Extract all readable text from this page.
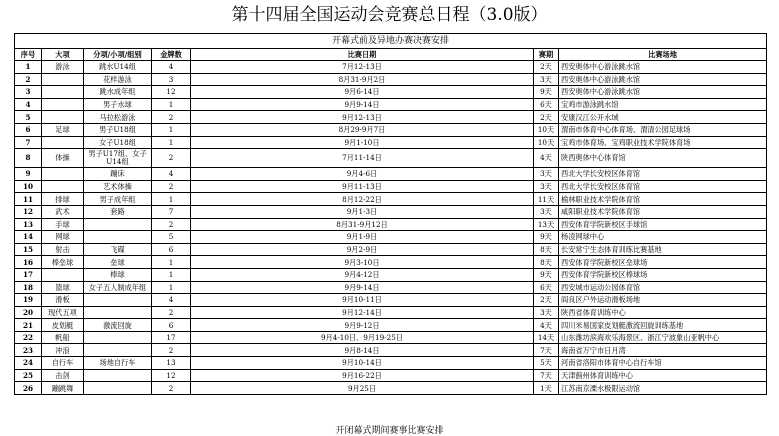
第十四届全国运动会竞赛总日程（3.0版）
开幕式前及异地办赛决赛安排						
序号	大项	分项/小项/组别	金牌数	比赛日期	赛期	比赛场地
1	游泳	跳水U14组	4	7月12-13日	2天	西安奥体中心游泳跳水馆
2		花样游泳	3	8月31-9月2日	3天	西安奥体中心游泳跳水馆
3		跳水成年组	12	9月6-14日	9天	西安奥体中心游泳跳水馆
4		男子水球	1	9月9-14日	6天	宝鸡市游泳跳水馆
5		马拉松游泳	2	9月12-13日	2天	安康汉江公开水域
6	足球	男子U18组	1	8月29-9月7日	10天	渭南市体育中心体育场、渭清公园足球场
7		女子U18组	1	9月1-10日	10天	宝鸡市体育场、宝鸡职业技术学院体育场
8	体操	男子U17组、女子U14组	2	7月11-14日	4天	陕西奥体中心体育馆
9		蹦床	4	9月4-6日	3天	西北大学长安校区体育馆
10		艺术体操	2	9月11-13日	3天	西北大学长安校区体育馆
11	排球	男子成年组	1	8月12-22日	11天	榆林职业技术学院体育馆
12	武术	套路	7	9月1-3日	3天	咸阳职业技术学院体育馆
13	手球		2	8月31-9月12日	13天	西安体育学院新校区手球馆
14	网球		5	9月1-9日	9天	杨凌网球中心
15	射击	飞碟	6	9月2-9日	8天	长安常宁生态体育训练比赛基地
16	棒垒球	垒球	1	9月3-10日	8天	西安体育学院新校区垒球场
17		棒球	1	9月4-12日	9天	西安体育学院新校区棒球场
18	篮球	女子五人制成年组	1	9月9-14日	6天	西安城市运动公园体育馆
19	滑板		4	9月10-11日	2天	阎良区户外运动滑板场地
20	现代五项		2	9月12-14日	3天	陕西省体育训练中心
21	皮划艇	激流回旋	6	9月9-12日	4天	四川米易国家皮划艇激流回旋训练基地
22	帆船		17	9月4-10日、9月19-25日	14天	山东潍坊滨海欢乐海景区、浙江宁波象山亚帆中心
23	冲浪		2	9月8-14日	7天	海南省万宁市日月湾
24	自行车	场地自行车	13	9月10-14日	5天	河南省洛阳市体育中心自行车馆
25	击剑		12	9月16-22日	7天	天津蓟州体育训练中心
26	蹦跳舞		2	9月25日	1天	江苏南京溧水极限运动馆
开闭幕式期间赛事比赛安排
